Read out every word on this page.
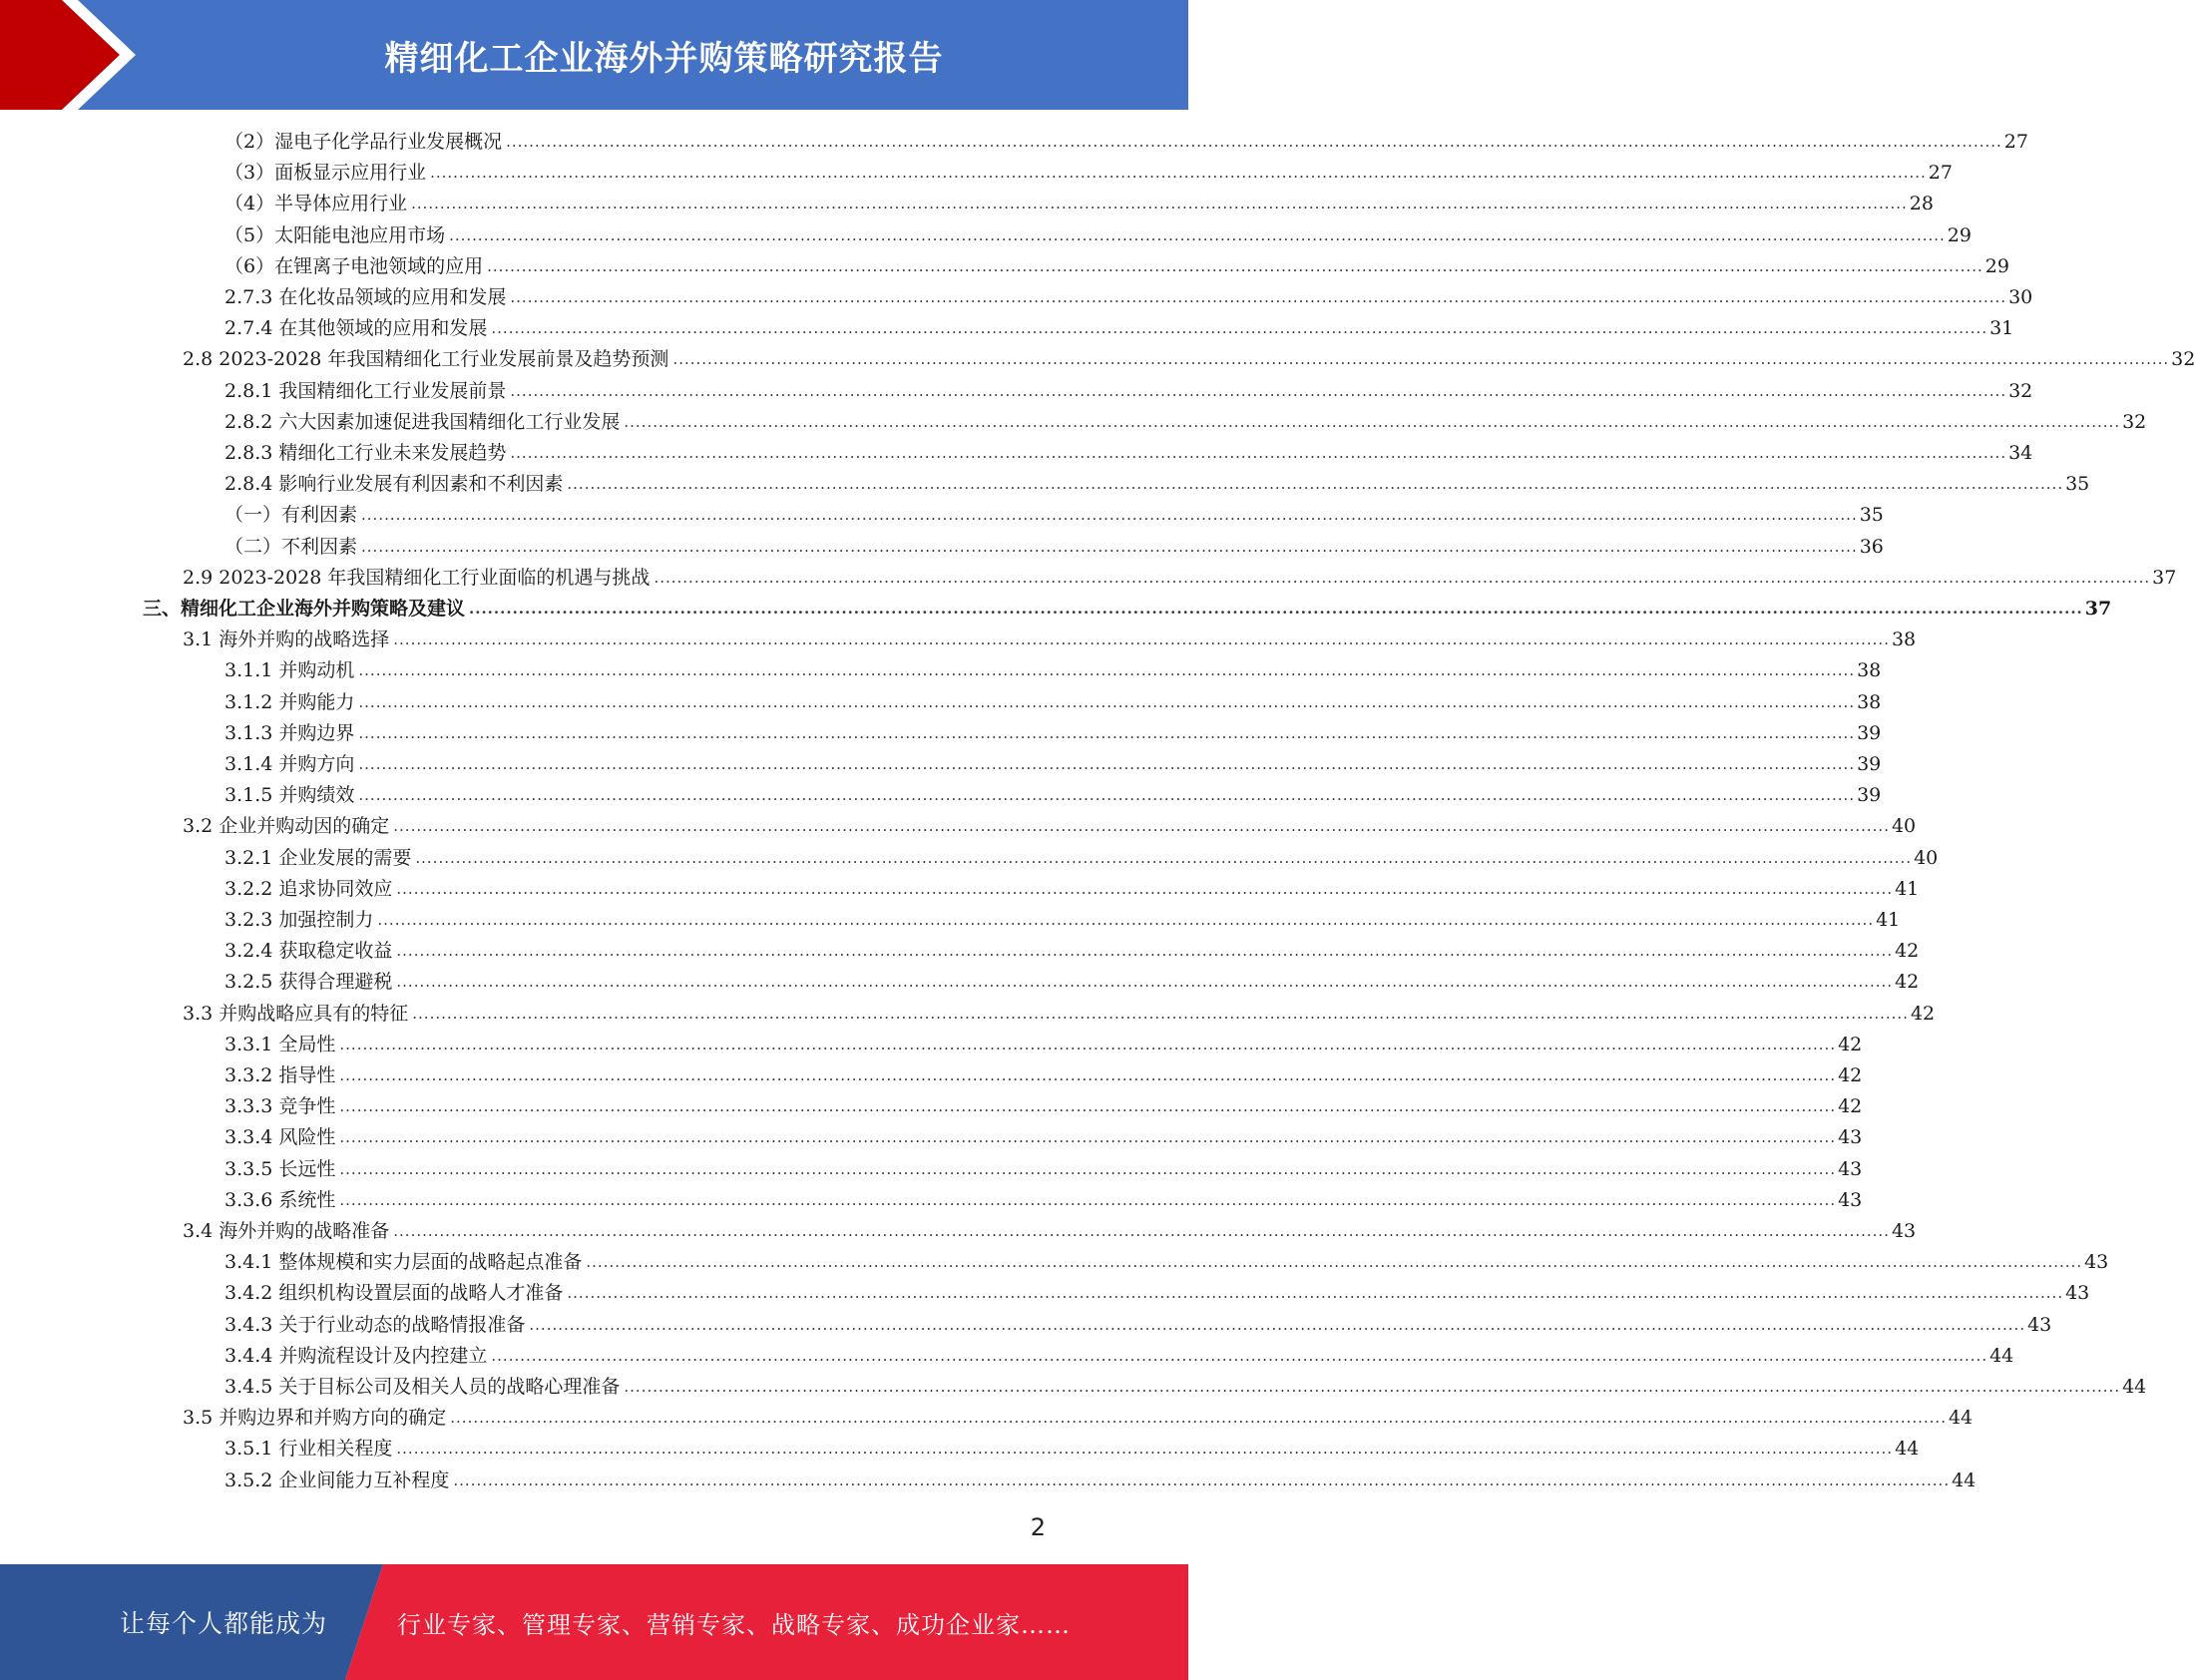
精细化工企业海外并购策略研究报告
（2）湿电子化学品行业发展概况 .................................................................................................................................................................................................................................................................... 27
（3）面板显示应用行业 .................................................................................................................................................................................................................................................................... 27
（4）半导体应用行业 .................................................................................................................................................................................................................................................................... 28
（5）太阳能电池应用市场 .................................................................................................................................................................................................................................................................... 29
（6）在锂离子电池领域的应用 .................................................................................................................................................................................................................................................................... 29
2.7.3 在化妆品领域的应用和发展 .................................................................................................................................................................................................................................................................... 30
2.7.4 在其他领域的应用和发展 .................................................................................................................................................................................................................................................................... 31
2.8 2023-2028 年我国精细化工行业发展前景及趋势预测 .................................................................................................................................................................................................................................................................... 32
2.8.1 我国精细化工行业发展前景 .................................................................................................................................................................................................................................................................... 32
2.8.2 六大因素加速促进我国精细化工行业发展 .................................................................................................................................................................................................................................................................... 32
2.8.3 精细化工行业未来发展趋势 .................................................................................................................................................................................................................................................................... 34
2.8.4 影响行业发展有利因素和不利因素 .................................................................................................................................................................................................................................................................... 35
（一）有利因素 .................................................................................................................................................................................................................................................................... 35
（二）不利因素 .................................................................................................................................................................................................................................................................... 36
2.9 2023-2028 年我国精细化工行业面临的机遇与挑战 .................................................................................................................................................................................................................................................................... 37
三、精细化工企业海外并购策略及建议 .................................................................................................................................................................................................................................................................... 37
3.1 海外并购的战略选择 .................................................................................................................................................................................................................................................................... 38
3.1.1 并购动机 .................................................................................................................................................................................................................................................................... 38
3.1.2 并购能力 .................................................................................................................................................................................................................................................................... 38
3.1.3 并购边界 .................................................................................................................................................................................................................................................................... 39
3.1.4 并购方向 .................................................................................................................................................................................................................................................................... 39
3.1.5 并购绩效 .................................................................................................................................................................................................................................................................... 39
3.2 企业并购动因的确定 .................................................................................................................................................................................................................................................................... 40
3.2.1 企业发展的需要 .................................................................................................................................................................................................................................................................... 40
3.2.2 追求协同效应 .................................................................................................................................................................................................................................................................... 41
3.2.3 加强控制力 .................................................................................................................................................................................................................................................................... 41
3.2.4 获取稳定收益 .................................................................................................................................................................................................................................................................... 42
3.2.5 获得合理避税 .................................................................................................................................................................................................................................................................... 42
3.3 并购战略应具有的特征 .................................................................................................................................................................................................................................................................... 42
3.3.1 全局性 .................................................................................................................................................................................................................................................................... 42
3.3.2 指导性 .................................................................................................................................................................................................................................................................... 42
3.3.3 竞争性 .................................................................................................................................................................................................................................................................... 42
3.3.4 风险性 .................................................................................................................................................................................................................................................................... 43
3.3.5 长远性 .................................................................................................................................................................................................................................................................... 43
3.3.6 系统性 .................................................................................................................................................................................................................................................................... 43
3.4 海外并购的战略准备 .................................................................................................................................................................................................................................................................... 43
3.4.1 整体规模和实力层面的战略起点准备 .................................................................................................................................................................................................................................................................... 43
3.4.2 组织机构设置层面的战略人才准备 .................................................................................................................................................................................................................................................................... 43
3.4.3 关于行业动态的战略情报准备 .................................................................................................................................................................................................................................................................... 43
3.4.4 并购流程设计及内控建立 .................................................................................................................................................................................................................................................................... 44
3.4.5 关于目标公司及相关人员的战略心理准备 .................................................................................................................................................................................................................................................................... 44
3.5 并购边界和并购方向的确定 .................................................................................................................................................................................................................................................................... 44
3.5.1 行业相关程度 .................................................................................................................................................................................................................................................................... 44
3.5.2 企业间能力互补程度 .................................................................................................................................................................................................................................................................... 44
2
让每个人都能成为	行业专家、管理专家、营销专家、战略专家、成功企业家……
